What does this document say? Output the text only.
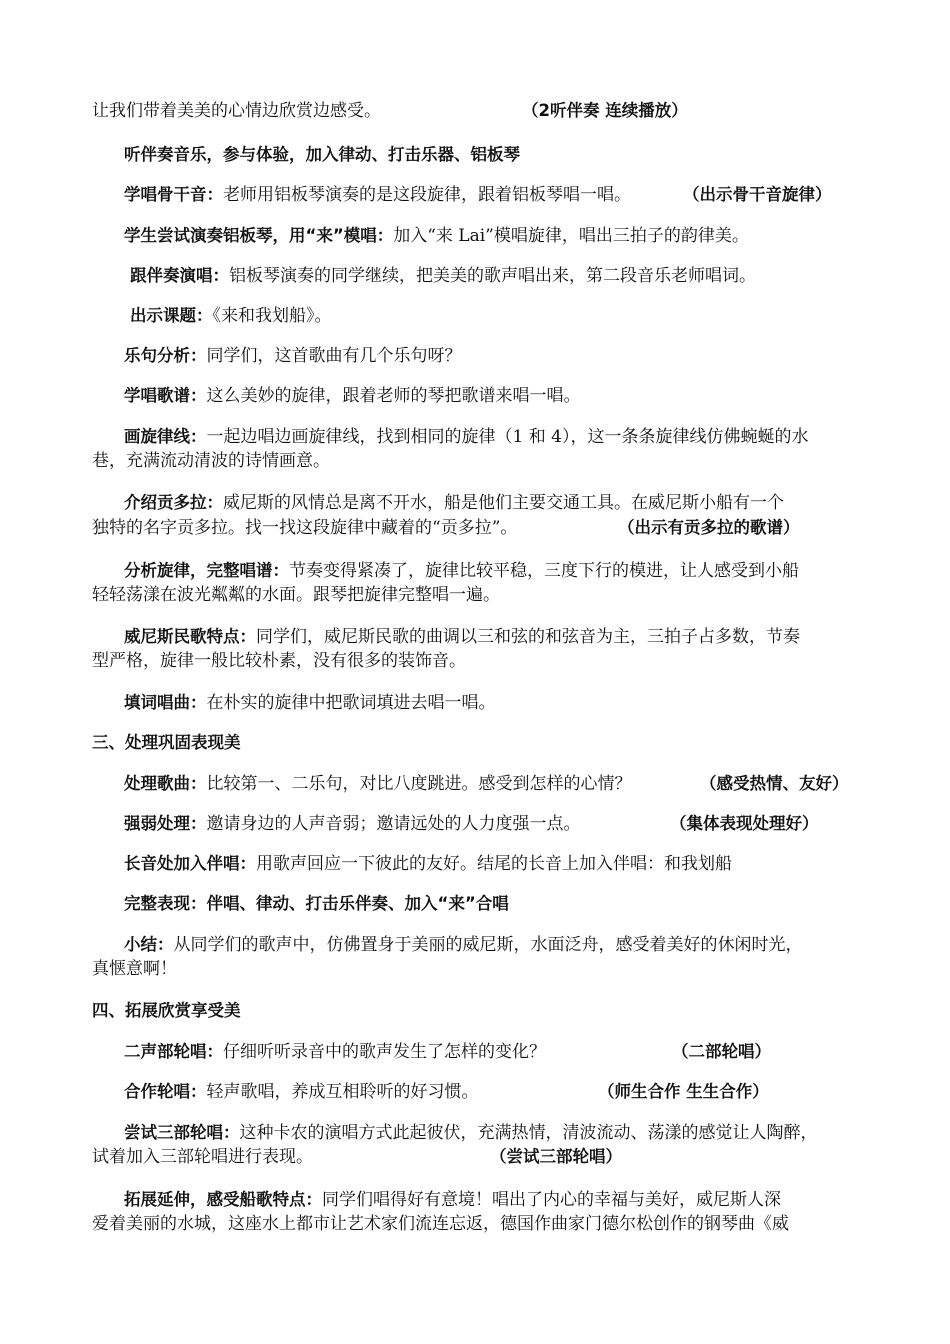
让我们带着美美的心情边欣赏边感受。	（2听伴奏 连续播放）
听伴奏音乐，参与体验，加入律动、打击乐器、铝板琴
学唱骨干音：老师用铝板琴演奏的是这段旋律，跟着铝板琴唱一唱。	（出示骨干音旋律）
学生尝试演奏铝板琴，用“来”模唱：加入“来 Lai”模唱旋律，唱出三拍子的韵律美。
跟伴奏演唱：铝板琴演奏的同学继续，把美美的歌声唱出来，第二段音乐老师唱词。
出示课题：《来和我划船》。
乐句分析：同学们，这首歌曲有几个乐句呀？
学唱歌谱：这么美妙的旋律，跟着老师的琴把歌谱来唱一唱。
画旋律线：一起边唱边画旋律线，找到相同的旋律（1 和 4），这一条条旋律线仿佛蜿蜒的水
巷，充满流动清波的诗情画意。
介绍贡多拉：威尼斯的风情总是离不开水，船是他们主要交通工具。在威尼斯小船有一个
独特的名字贡多拉。找一找这段旋律中藏着的“贡多拉”。	（出示有贡多拉的歌谱）
分析旋律，完整唱谱：节奏变得紧凑了，旋律比较平稳，三度下行的模进，让人感受到小船
轻轻荡漾在波光粼粼的水面。跟琴把旋律完整唱一遍。
威尼斯民歌特点：同学们，威尼斯民歌的曲调以三和弦的和弦音为主，三拍子占多数，节奏
型严格，旋律一般比较朴素，没有很多的装饰音。
填词唱曲：在朴实的旋律中把歌词填进去唱一唱。
三、处理巩固表现美
处理歌曲：比较第一、二乐句，对比八度跳进。感受到怎样的心情？	（感受热情、友好）
强弱处理：邀请身边的人声音弱；邀请远处的人力度强一点。	（集体表现处理好）
长音处加入伴唱：用歌声回应一下彼此的友好。结尾的长音上加入伴唱：和我划船
完整表现：伴唱、律动、打击乐伴奏、加入“来”合唱
小结：从同学们的歌声中，仿佛置身于美丽的威尼斯，水面泛舟，感受着美好的休闲时光，
真惬意啊！
四、拓展欣赏享受美
二声部轮唱：仔细听听录音中的歌声发生了怎样的变化？	（二部轮唱）
合作轮唱：轻声歌唱，养成互相聆听的好习惯。	（师生合作 生生合作）
尝试三部轮唱：这种卡农的演唱方式此起彼伏，充满热情，清波流动、荡漾的感觉让人陶醉，
试着加入三部轮唱进行表现。	（尝试三部轮唱）
拓展延伸，感受船歌特点：同学们唱得好有意境！唱出了内心的幸福与美好，威尼斯人深
爱着美丽的水城，这座水上都市让艺术家们流连忘返，德国作曲家门德尔松创作的钢琴曲《威
